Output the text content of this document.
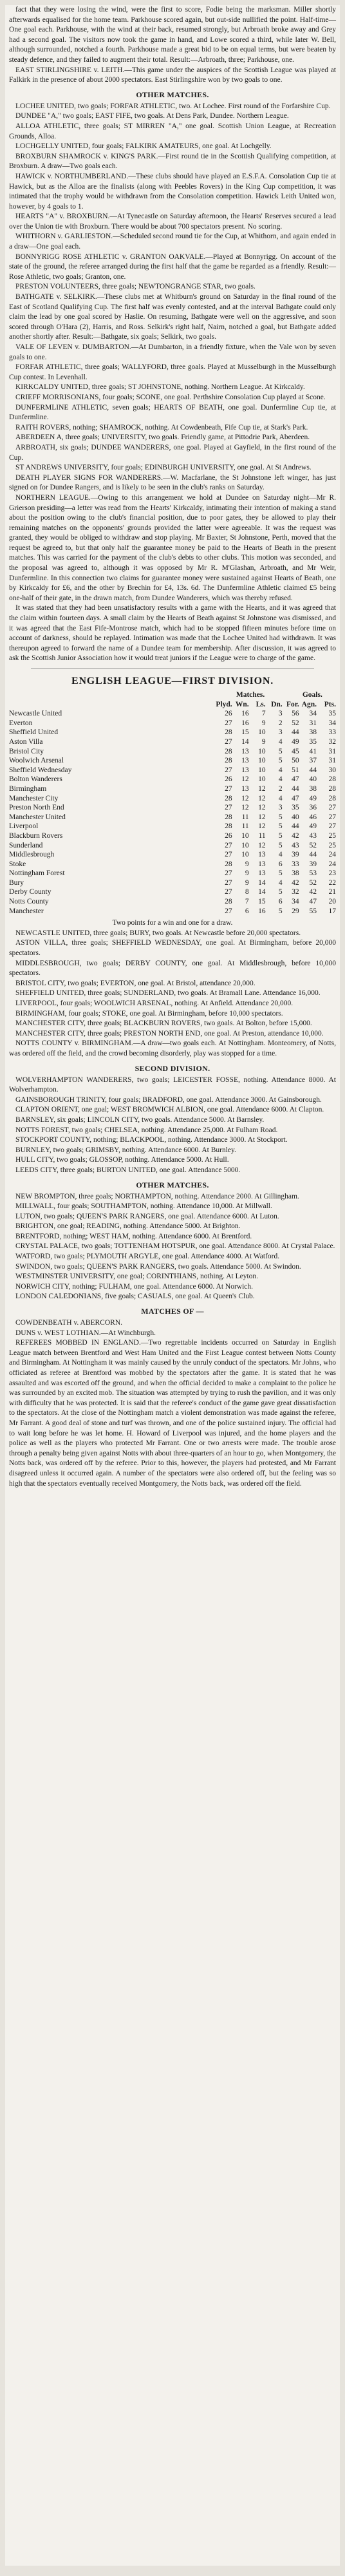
fact that they were losing the wind, were the first to score, Fodie being the marksman. Miller shortly afterwards equalised for the home team. Parkhouse scored again, but out-side nullified the point. Half-time—One goal each. Parkhouse, with the wind at their back, resumed strongly, but Arbroath broke away and Grey had a second goal. The visitors now took the game in hand, and Lowe scored a third, while later W. Bell, although surrounded, notched a fourth. Parkhouse made a great bid to be on equal terms, but were beaten by steady defence, and they failed to augment their total. Result:—Arbroath, three; Parkhouse, one.

EAST STIRLINGSHIRE v. LEITH.—This game under the auspices of the Scottish League was played at Falkirk in the presence of about 2000 spectators. East Stirlingshire won by two goals to one.

OTHER MATCHES.

LOCHEE UNITED, two goals; FORFAR ATHLETIC, two. At Lochee. First round of the Forfarshire Cup.

DUNDEE "A," two goals; EAST FIFE, two goals. At Dens Park, Dundee. Northern League.

ALLOA ATHLETIC, three goals; ST MIRREN "A," one goal. Scottish Union League, at Recreation Grounds, Alloa.

LOCHGELLY UNITED, four goals; FALKIRK AMATEURS, one goal. At Lochgelly.

BROXBURN SHAMROCK v. KING'S PARK.—First round tie in the Scottish Qualifying competition, at Broxburn. A draw—Two goals each.

HAWICK v. NORTHUMBERLAND.—These clubs should have played an E.S.F.A. Consolation Cup tie at Hawick, but as the Alloa are the finalists (along with Peebles Rovers) in the King Cup competition, it was intimated that the trophy would be withdrawn from the Consolation competition. Hawick Leith United won, however, by 4 goals to 1.

HEARTS "A" v. BROXBURN.—At Tynecastle on Saturday afternoon, the Hearts' Reserves secured a lead over the Union tie with Broxburn. There would be about 700 spectators present. No scoring.

WHITHORN v. GARLIESTON.—Scheduled second round tie for the Cup, at Whithorn, and again ended in a draw—One goal each.

BONNYRIGG ROSE ATHLETIC v. GRANTON OAKVALE.—Played at Bonnyrigg. On account of the state of the ground, the referee arranged during the first half that the game be regarded as a friendly. Result:—Rose Athletic, two goals; Granton, one.

PRESTON VOLUNTEERS, three goals; NEWTONGRANGE STAR, two goals.

BATHGATE v. SELKIRK.—These clubs met at Whitburn's ground on Saturday in the final round of the East of Scotland Qualifying Cup. The first half was evenly contested, and at the interval Bathgate could only claim the lead by one goal scored by Haslie. On resuming, Bathgate were well on the aggressive, and soon scored through O'Hara (2), Harris, and Ross. Selkirk's right half, Nairn, notched a goal, but Bathgate added another shortly after. Result:—Bathgate, six goals; Selkirk, two goals.

VALE OF LEVEN v. DUMBARTON.—At Dumbarton, in a friendly fixture, when the Vale won by seven goals to one.

FORFAR ATHLETIC, three goals; WALLYFORD, three goals. Played at Musselburgh in the Musselburgh Cup contest. In Levenhall.

KIRKCALDY UNITED, three goals; ST JOHNSTONE, nothing. Northern League. At Kirkcaldy.

CRIEFF MORRISONIANS, four goals; SCONE, one goal. Perthshire Consolation Cup played at Scone.

DUNFERMLINE ATHLETIC, seven goals; HEARTS OF BEATH, one goal. Dunfermline Cup tie, at Dunfermline.

RAITH ROVERS, nothing; SHAMROCK, nothing. At Cowdenbeath, Fife Cup tie, at Stark's Park.

ABERDEEN A, three goals; UNIVERSITY, two goals. Friendly game, at Pittodrie Park, Aberdeen.

ARBROATH, six goals; DUNDEE WANDERERS, one goal. Played at Gayfield, in the first round of the Cup.

ST ANDREWS UNIVERSITY, four goals; EDINBURGH UNIVERSITY, one goal. At St Andrews.

DEATH PLAYER SIGNS FOR WANDERERS.—W. Macfarlane, the St Johnstone left winger, has just signed on for Dundee Rangers, and is likely to be seen in the club's ranks on Saturday.

NORTHERN LEAGUE.—Owing to this arrangement we hold at Dundee on Saturday night—Mr R. Grierson presiding—a letter was read from the Hearts' Kirkcaldy, intimating their intention of making a stand about the position owing to the club's financial position, due to poor gates, they be allowed to play their remaining matches on the opponents' grounds provided the latter were agreeable. It was the request was granted, they would be obliged to withdraw and stop playing. Mr Baxter, St Johnstone, Perth, moved that the request be agreed to, but that only half the guarantee money be paid to the Hearts of Beath in the present matches. This was carried for the payment of the club's debts to other clubs. This motion was seconded, and the proposal was agreed to, although it was opposed by Mr R. M'Glashan, Arbroath, and Mr Weir, Dunfermline. In this connection two claims for guarantee money were sustained against Hearts of Beath, one by Kirkcaldy for £6, and the other by Brechin for £4, 13s. 6d. The Dunfermline Athletic claimed £5 being one-half of their gate, in the drawn match, from Dundee Wanderers, which was thereby refused.

It was stated that they had been unsatisfactory results with a game with the Hearts, and it was agreed that the claim within fourteen days. A small claim by the Hearts of Beath against St Johnstone was dismissed, and it was agreed that the East Fife-Montrose match, which had to be stopped fifteen minutes before time on account of darkness, should be replayed. Intimation was made that the Lochee United had withdrawn. It was thereupon agreed to forward the name of a Dundee team for membership. After discussion, it was agreed to ask the Scottish Junior Association how it would treat juniors if the League were to charge of the game.

ENGLISH LEAGUE—FIRST DIVISION.
	Matches.				Goals.		
	Plyd.	Wn.	Ls.	Dn.	For.	Agn.	Pts.
Newcastle United	26	16	7	3	56	34	35
Everton	27	16	9	2	52	31	34
Sheffield United	28	15	10	3	44	38	33
Aston Villa	27	14	9	4	49	35	32
Bristol City	28	13	10	5	45	41	31
Woolwich Arsenal	28	13	10	5	50	37	31
Sheffield Wednesday	27	13	10	4	51	44	30
Bolton Wanderers	26	12	10	4	47	40	28
Birmingham	27	13	12	2	44	38	28
Manchester City	28	12	12	4	47	49	28
Preston North End	27	12	12	3	35	36	27
Manchester United	28	11	12	5	40	46	27
Liverpool	28	11	12	5	44	49	27
Blackburn Rovers	26	10	11	5	42	43	25
Sunderland	27	10	12	5	43	52	25
Middlesbrough	27	10	13	4	39	44	24
Stoke	28	9	13	6	33	39	24
Nottingham Forest	27	9	13	5	38	53	23
Bury	27	9	14	4	42	52	22
Derby County	27	8	14	5	32	42	21
Notts County	28	7	15	6	34	47	20
Manchester	27	6	16	5	29	55	17

Two points for a win and one for a draw.

NEWCASTLE UNITED, three goals; BURY, two goals. At Newcastle before 20,000 spectators.

ASTON VILLA, three goals; SHEFFIELD WEDNESDAY, one goal. At Birmingham, before 20,000 spectators.

MIDDLESBROUGH, two goals; DERBY COUNTY, one goal. At Middlesbrough, before 10,000 spectators.

BRISTOL CITY, two goals; EVERTON, one goal. At Bristol, attendance 20,000.

SHEFFIELD UNITED, three goals; SUNDERLAND, two goals. At Bramall Lane. Attendance 16,000.

LIVERPOOL, four goals; WOOLWICH ARSENAL, nothing. At Anfield. Attendance 20,000.

BIRMINGHAM, four goals; STOKE, one goal. At Birmingham, before 10,000 spectators.

MANCHESTER CITY, three goals; BLACKBURN ROVERS, two goals. At Bolton, before 15,000.

MANCHESTER CITY, three goals; PRESTON NORTH END, one goal. At Preston, attendance 10,000.

NOTTS COUNTY v. BIRMINGHAM.—A draw—two goals each. At Nottingham. Monteomery, of Notts, was ordered off the field, and the crowd becoming disorderly, play was stopped for a time.

SECOND DIVISION.

WOLVERHAMPTON WANDERERS, two goals; LEICESTER FOSSE, nothing. Attendance 8000. At Wolverhampton.

GAINSBOROUGH TRINITY, four goals; BRADFORD, one goal. Attendance 3000. At Gainsborough.

CLAPTON ORIENT, one goal; WEST BROMWICH ALBION, one goal. Attendance 6000. At Clapton.

BARNSLEY, six goals; LINCOLN CITY, two goals. Attendance 5000. At Barnsley.

NOTTS FOREST, two goals; CHELSEA, nothing. Attendance 25,000. At Fulham Road.

STOCKPORT COUNTY, nothing; BLACKPOOL, nothing. Attendance 3000. At Stockport.

BURNLEY, two goals; GRIMSBY, nothing. Attendance 6000. At Burnley.

HULL CITY, two goals; GLOSSOP, nothing. Attendance 5000. At Hull.

LEEDS CITY, three goals; BURTON UNITED, one goal. Attendance 5000.

OTHER MATCHES.

NEW BROMPTON, three goals; NORTHAMPTON, nothing. Attendance 2000. At Gillingham.

MILLWALL, four goals; SOUTHAMPTON, nothing. Attendance 10,000. At Millwall.

LUTON, two goals; QUEEN'S PARK RANGERS, one goal. Attendance 6000. At Luton.

BRIGHTON, one goal; READING, nothing. Attendance 5000. At Brighton.

BRENTFORD, nothing; WEST HAM, nothing. Attendance 6000. At Brentford.

CRYSTAL PALACE, two goals; TOTTENHAM HOTSPUR, one goal. Attendance 8000. At Crystal Palace.

WATFORD, two goals; PLYMOUTH ARGYLE, one goal. Attendance 4000. At Watford.

SWINDON, two goals; QUEEN'S PARK RANGERS, two goals. Attendance 5000. At Swindon.

WESTMINSTER UNIVERSITY, one goal; CORINTHIANS, nothing. At Leyton.

NORWICH CITY, nothing; FULHAM, one goal. Attendance 6000. At Norwich.

LONDON CALEDONIANS, five goals; CASUALS, one goal. At Queen's Club.

MATCHES OF —

COWDENBEATH v. ABERCORN.

DUNS v. WEST LOTHIAN.—At Winchburgh.

REFEREES MOBBED IN ENGLAND.—Two regrettable incidents occurred on Saturday in English League match between Brentford and West Ham United and the First League contest between Notts County and Birmingham. At Nottingham it was mainly caused by the unruly conduct of the spectators. Mr Johns, who officiated as referee at Brentford was mobbed by the spectators after the game. It is stated that he was assaulted and was escorted off the ground, and when the official decided to make a complaint to the police he was surrounded by an excited mob. The situation was attempted by trying to rush the pavilion, and it was only with difficulty that he was protected. It is said that the referee's conduct of the game gave great dissatisfaction to the spectators. At the close of the Nottingham match a violent demonstration was made against the referee, Mr Farrant. A good deal of stone and turf was thrown, and one of the police sustained injury. The official had to wait long before he was let home. H. Howard of Liverpool was injured, and the home players and the police as well as the players who protected Mr Farrant. One or two arrests were made. The trouble arose through a penalty being given against Notts with about three-quarters of an hour to go, when Montgomery, the Notts back, was ordered off by the referee. Prior to this, however, the players had protested, and Mr Farrant disagreed unless it occurred again. A number of the spectators were also ordered off, but the feeling was so high that the spectators eventually received Montgomery, the Notts back, was ordered off the field.
